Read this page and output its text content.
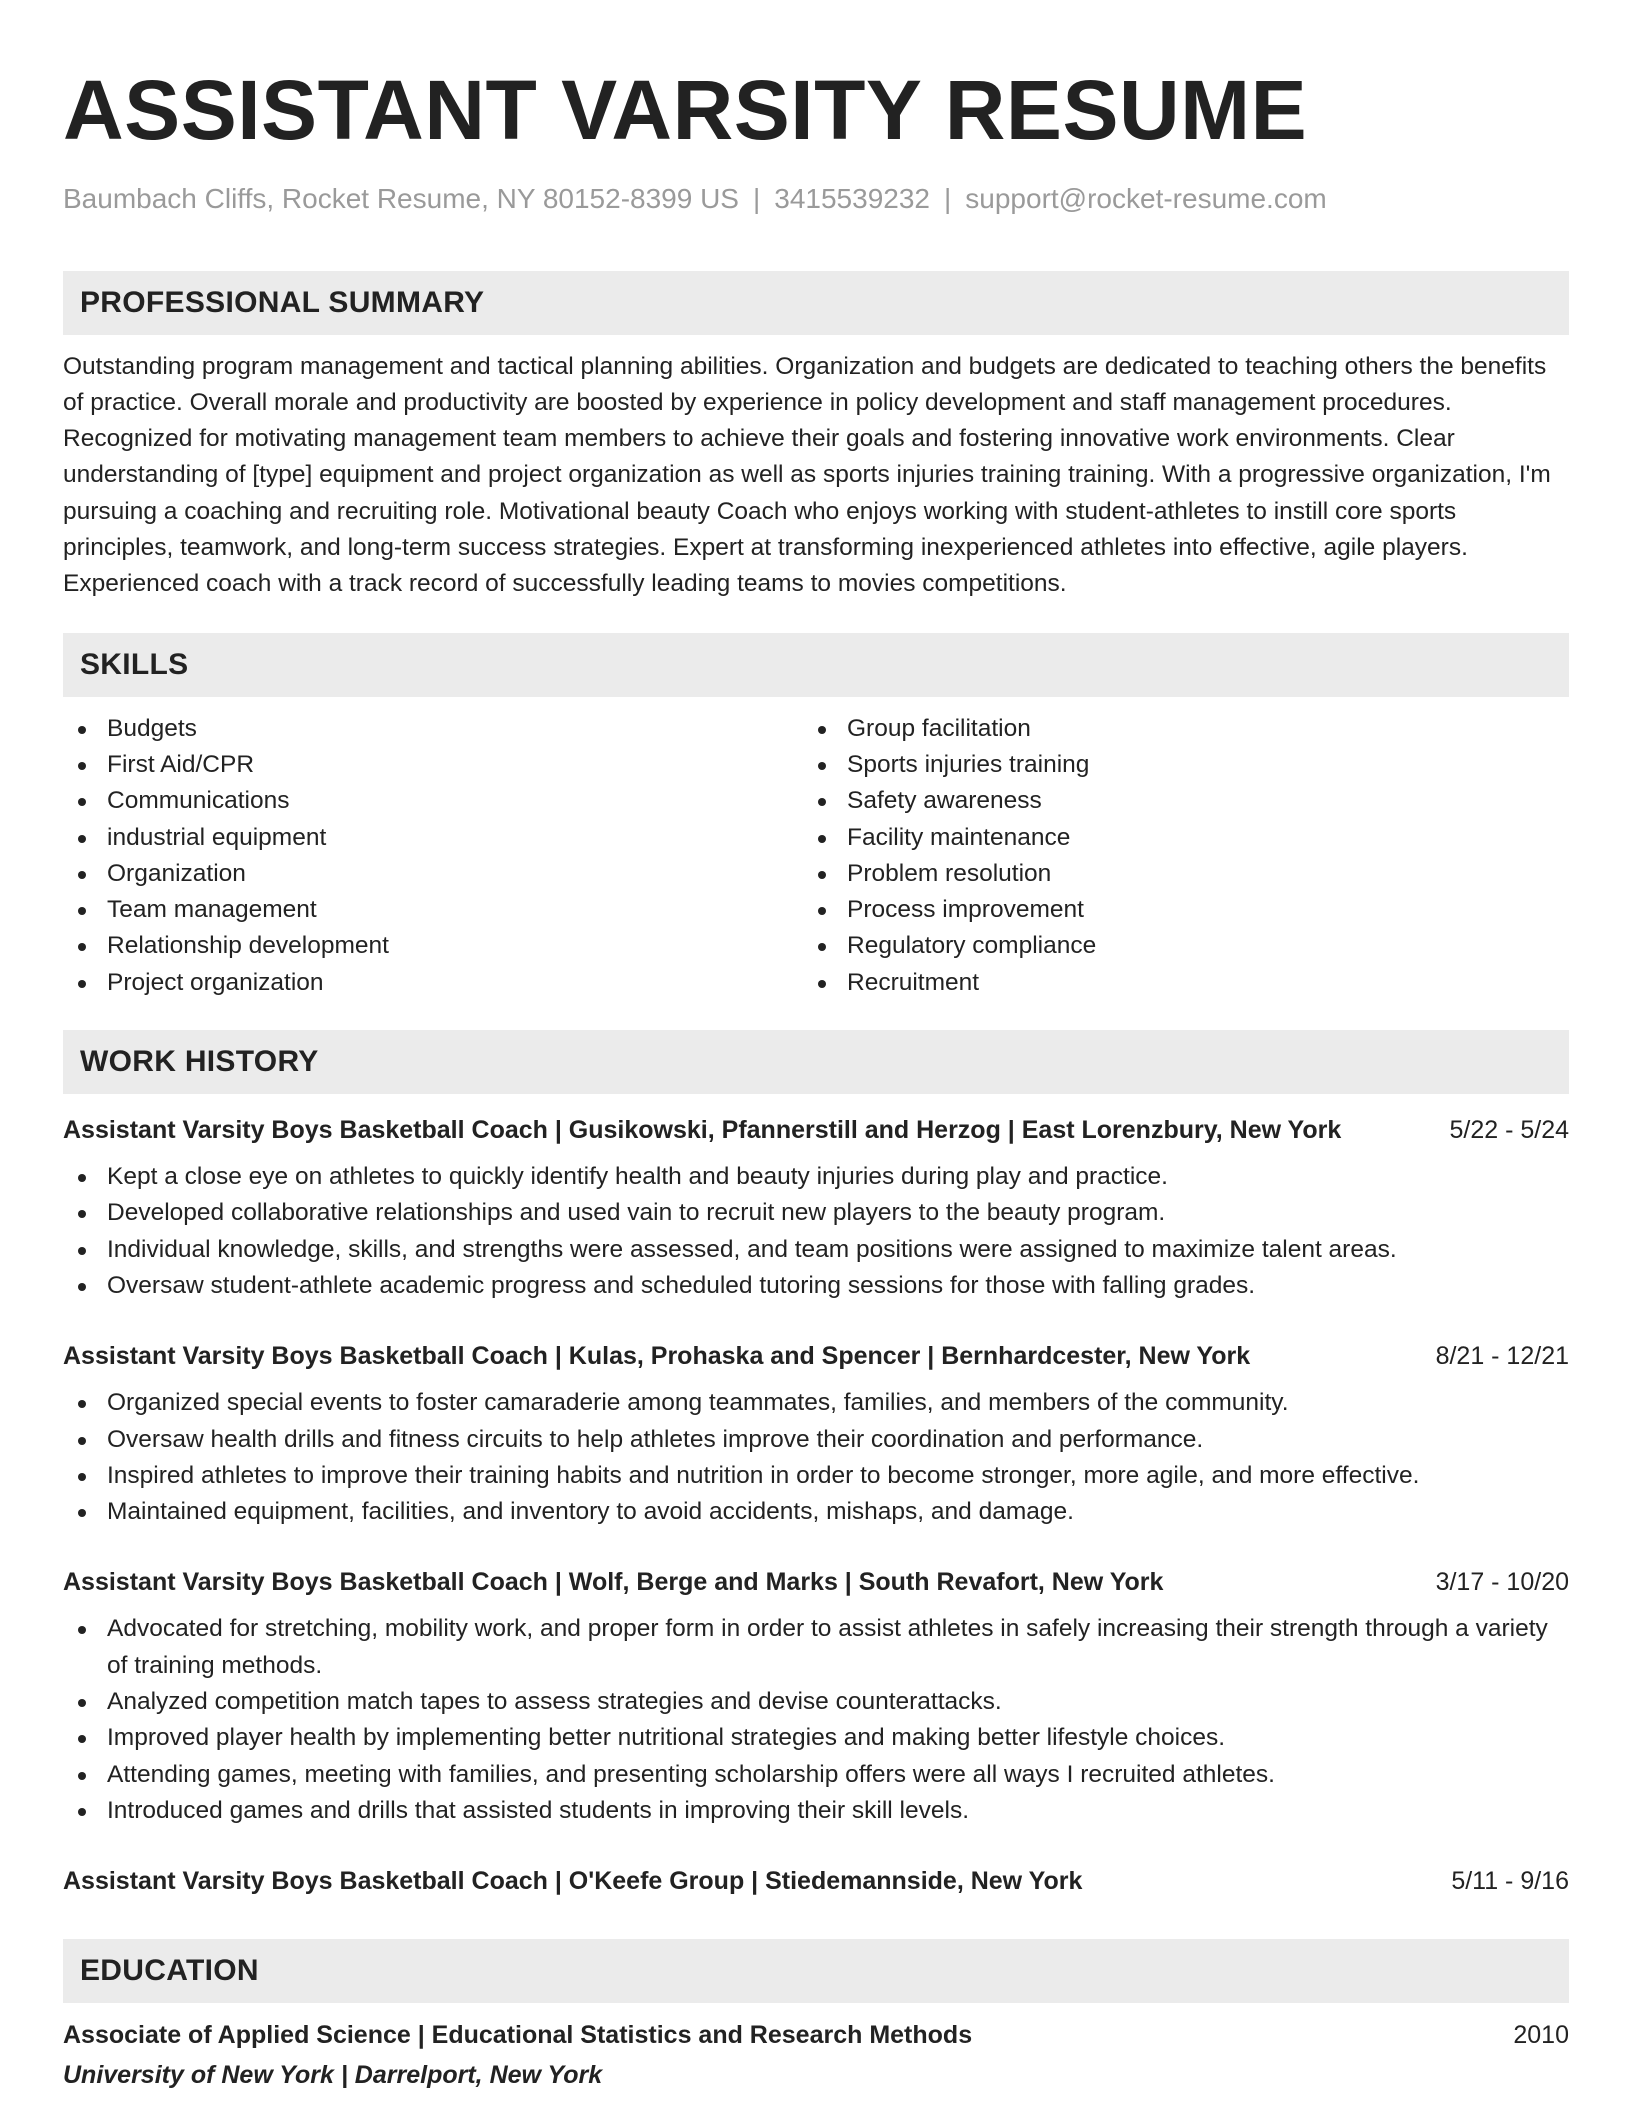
ASSISTANT VARSITY RESUME
Baumbach Cliffs, Rocket Resume, NY 80152-8399 US | 3415539232 | support@rocket-resume.com
PROFESSIONAL SUMMARY
Outstanding program management and tactical planning abilities. Organization and budgets are dedicated to teaching others the benefits of practice. Overall morale and productivity are boosted by experience in policy development and staff management procedures. Recognized for motivating management team members to achieve their goals and fostering innovative work environments. Clear understanding of [type] equipment and project organization as well as sports injuries training training. With a progressive organization, I'm pursuing a coaching and recruiting role. Motivational beauty Coach who enjoys working with student-athletes to instill core sports principles, teamwork, and long-term success strategies. Expert at transforming inexperienced athletes into effective, agile players. Experienced coach with a track record of successfully leading teams to movies competitions.
SKILLS
Budgets
First Aid/CPR
Communications
industrial equipment
Organization
Team management
Relationship development
Project organization
Group facilitation
Sports injuries training
Safety awareness
Facility maintenance
Problem resolution
Process improvement
Regulatory compliance
Recruitment
WORK HISTORY
Assistant Varsity Boys Basketball Coach | Gusikowski, Pfannerstill and Herzog | East Lorenzbury, New York	5/22 - 5/24
Kept a close eye on athletes to quickly identify health and beauty injuries during play and practice.
Developed collaborative relationships and used vain to recruit new players to the beauty program.
Individual knowledge, skills, and strengths were assessed, and team positions were assigned to maximize talent areas.
Oversaw student-athlete academic progress and scheduled tutoring sessions for those with falling grades.
Assistant Varsity Boys Basketball Coach | Kulas, Prohaska and Spencer | Bernhardcester, New York	8/21 - 12/21
Organized special events to foster camaraderie among teammates, families, and members of the community.
Oversaw health drills and fitness circuits to help athletes improve their coordination and performance.
Inspired athletes to improve their training habits and nutrition in order to become stronger, more agile, and more effective.
Maintained equipment, facilities, and inventory to avoid accidents, mishaps, and damage.
Assistant Varsity Boys Basketball Coach | Wolf, Berge and Marks | South Revafort, New York	3/17 - 10/20
Advocated for stretching, mobility work, and proper form in order to assist athletes in safely increasing their strength through a variety of training methods.
Analyzed competition match tapes to assess strategies and devise counterattacks.
Improved player health by implementing better nutritional strategies and making better lifestyle choices.
Attending games, meeting with families, and presenting scholarship offers were all ways I recruited athletes.
Introduced games and drills that assisted students in improving their skill levels.
Assistant Varsity Boys Basketball Coach | O'Keefe Group | Stiedemannside, New York	5/11 - 9/16
EDUCATION
Associate of Applied Science | Educational Statistics and Research Methods	2010
University of New York | Darrelport, New York
